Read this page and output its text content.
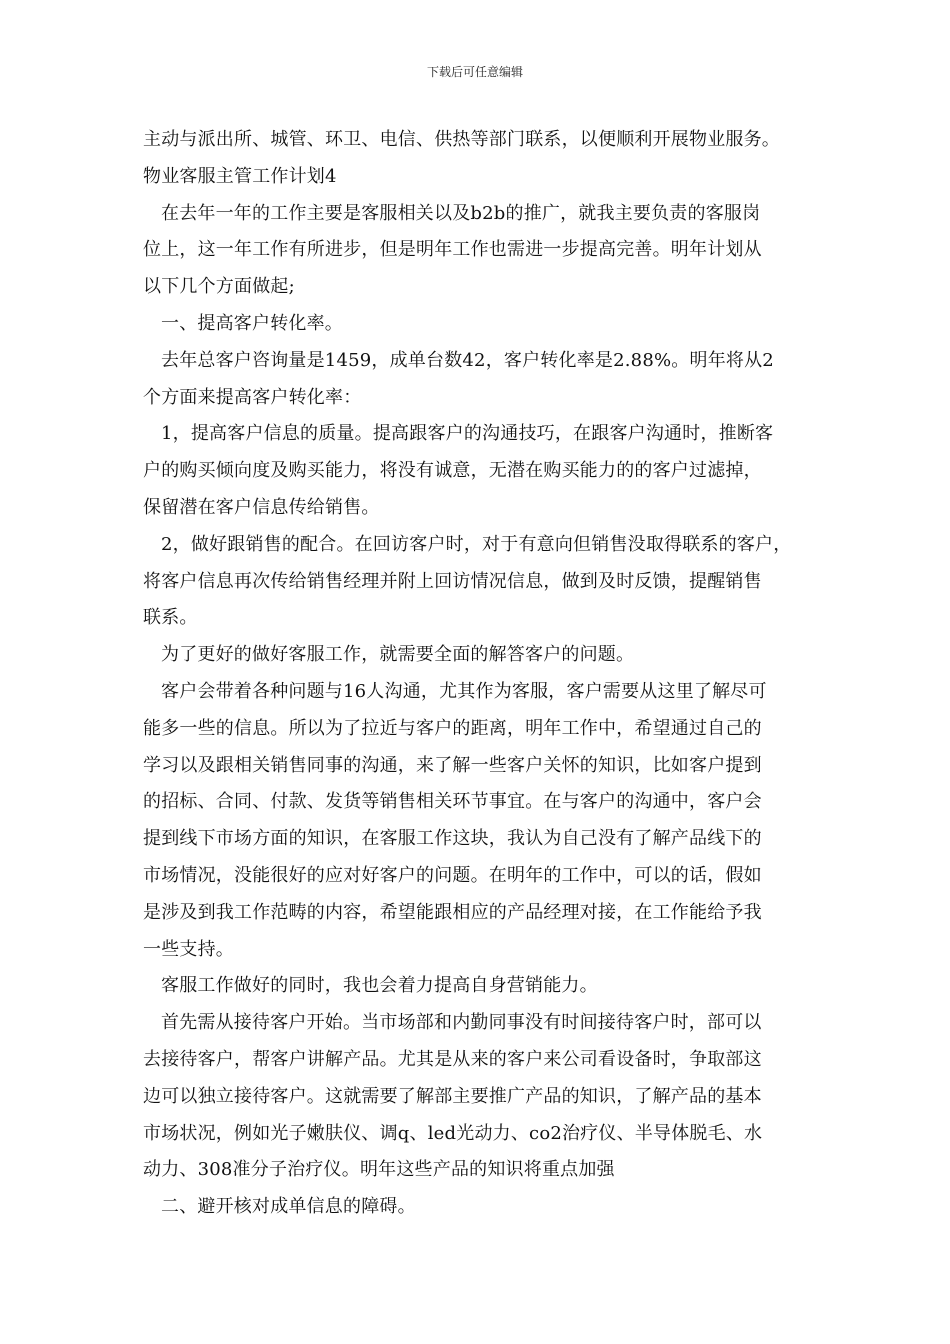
下载后可任意编辑
主动与派出所、城管、环卫、电信、供热等部门联系，以便顺利开展物业服务。
物业客服主管工作计划4
在去年一年的工作主要是客服相关以及b2b的推广，就我主要负责的客服岗
位上，这一年工作有所进步，但是明年工作也需进一步提高完善。明年计划从
以下几个方面做起;
一、提高客户转化率。
去年总客户咨询量是1459，成单台数42，客户转化率是2.88%。明年将从2
个方面来提高客户转化率：
1，提高客户信息的质量。提高跟客户的沟通技巧，在跟客户沟通时，推断客
户的购买倾向度及购买能力，将没有诚意，无潜在购买能力的的客户过滤掉，
保留潜在客户信息传给销售。
2，做好跟销售的配合。在回访客户时，对于有意向但销售没取得联系的客户，
将客户信息再次传给销售经理并附上回访情况信息，做到及时反馈，提醒销售
联系。
为了更好的做好客服工作，就需要全面的解答客户的问题。
客户会带着各种问题与16人沟通，尤其作为客服，客户需要从这里了解尽可
能多一些的信息。所以为了拉近与客户的距离，明年工作中，希望通过自己的
学习以及跟相关销售同事的沟通，来了解一些客户关怀的知识，比如客户提到
的招标、合同、付款、发货等销售相关环节事宜。在与客户的沟通中，客户会
提到线下市场方面的知识，在客服工作这块，我认为自己没有了解产品线下的
市场情况，没能很好的应对好客户的问题。在明年的工作中，可以的话，假如
是涉及到我工作范畴的内容，希望能跟相应的产品经理对接，在工作能给予我
一些支持。
客服工作做好的同时，我也会着力提高自身营销能力。
首先需从接待客户开始。当市场部和内勤同事没有时间接待客户时，部可以
去接待客户，帮客户讲解产品。尤其是从来的客户来公司看设备时，争取部这
边可以独立接待客户。这就需要了解部主要推广产品的知识，了解产品的基本
市场状况，例如光子嫩肤仪、调q、led光动力、co2治疗仪、半导体脱毛、水
动力、308准分子治疗仪。明年这些产品的知识将重点加强
二、避开核对成单信息的障碍。
